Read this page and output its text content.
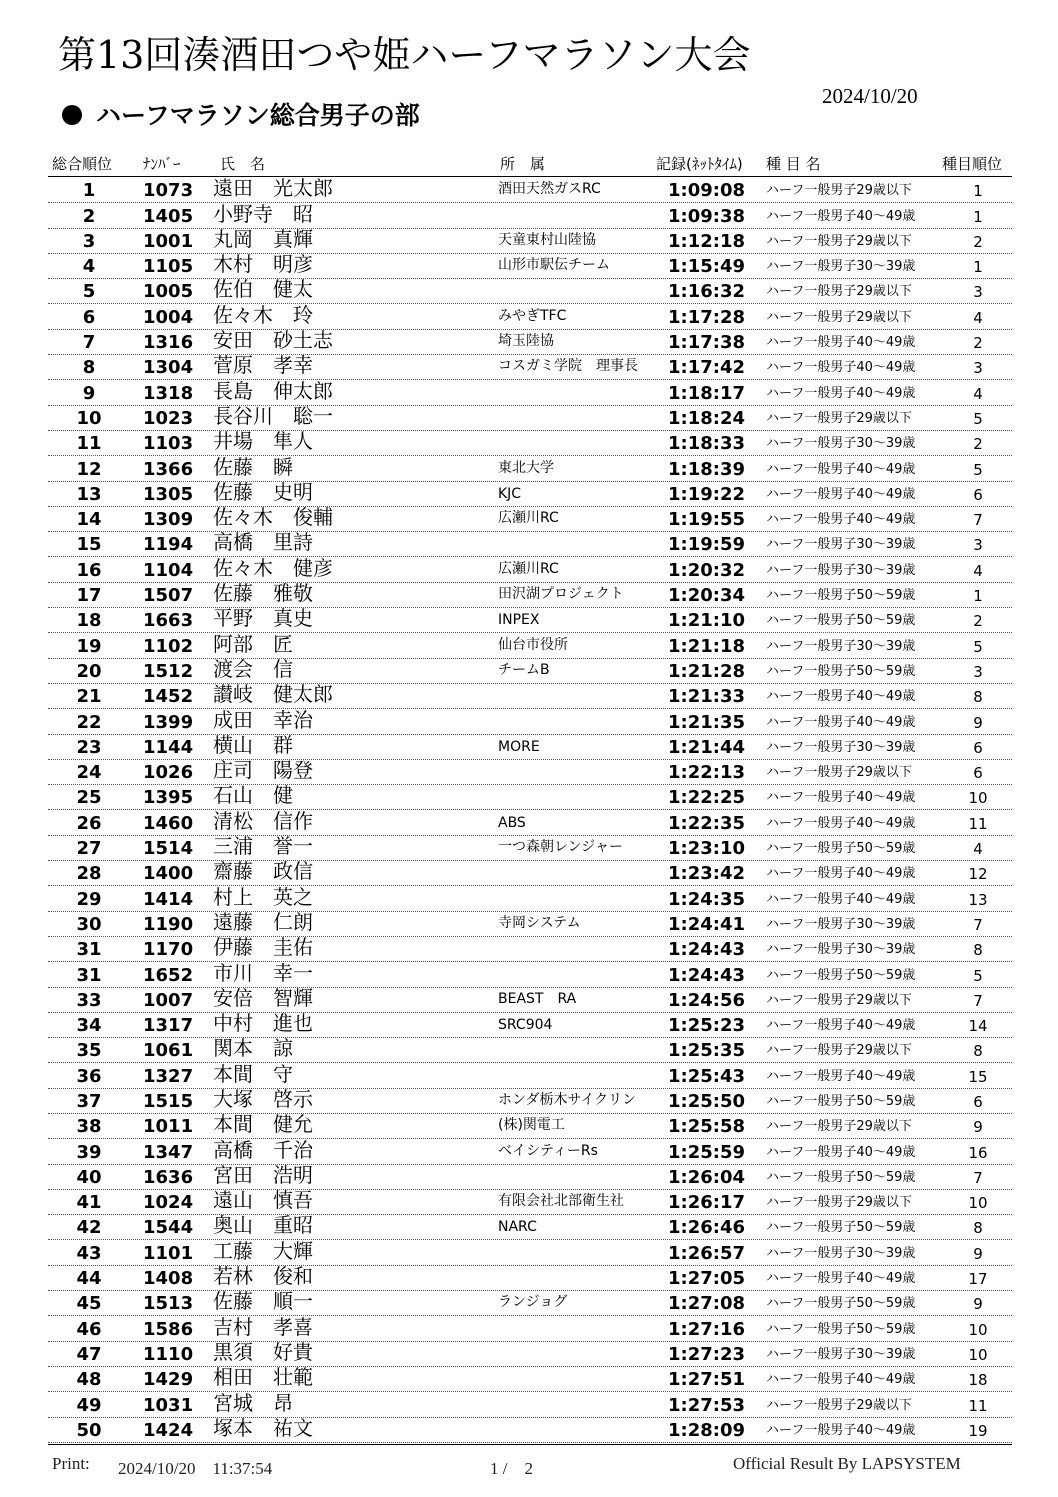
第13回湊酒田つや姫ハーフマラソン大会
2024/10/20
ハーフマラソン総合男子の部
総合順位 ﾅﾝﾊﾞｰ	氏　名	所　属	記録(ﾈｯﾄﾀｲﾑ) 種 目 名	種目順位
1	1073 遠田　光太郎	酒田天然ガスRC	1:09:08 ハーフ一般男子29歳以下	1
2	1405 小野寺　昭	1:09:38 ハーフ一般男子40～49歳	1
3	1001 丸岡　真輝	天童東村山陸協	1:12:18 ハーフ一般男子29歳以下	2
4	1105 木村　明彦	山形市駅伝チーム	1:15:49 ハーフ一般男子30～39歳	1
5	1005 佐伯　健太	1:16:32 ハーフ一般男子29歳以下	3
6	1004 佐々木　玲	みやぎTFC	1:17:28 ハーフ一般男子29歳以下	4
7	1316 安田　砂土志	埼玉陸協	1:17:38 ハーフ一般男子40～49歳	2
8	1304 菅原　孝幸	コスガミ学院　理事長 1:17:42 ハーフ一般男子40～49歳	3
9	1318 長島　伸太郎	1:18:17 ハーフ一般男子40～49歳	4
10	1023 長谷川　聡一	1:18:24 ハーフ一般男子29歳以下	5
11	1103 井場　隼人	1:18:33 ハーフ一般男子30～39歳	2
12	1366 佐藤　瞬	東北大学	1:18:39 ハーフ一般男子40～49歳	5
13	1305 佐藤　史明	KJC	1:19:22 ハーフ一般男子40～49歳	6
14	1309 佐々木　俊輔	広瀬川RC	1:19:55 ハーフ一般男子40～49歳	7
15	1194 高橋　里詩	1:19:59 ハーフ一般男子30～39歳	3
16	1104 佐々木　健彦	広瀬川RC	1:20:32 ハーフ一般男子30～39歳	4
17	1507 佐藤　雅敬	田沢湖プロジェクト 1:20:34 ハーフ一般男子50～59歳	1
18	1663 平野　真史	INPEX	1:21:10 ハーフ一般男子50～59歳	2
19	1102 阿部　匠	仙台市役所	1:21:18 ハーフ一般男子30～39歳	5
20	1512 渡会　信	チームB	1:21:28 ハーフ一般男子50～59歳	3
21	1452 讃岐　健太郎	1:21:33 ハーフ一般男子40～49歳	8
22	1399 成田　幸治	1:21:35 ハーフ一般男子40～49歳	9
23	1144 横山　群	MORE	1:21:44 ハーフ一般男子30～39歳	6
24	1026 庄司　陽登	1:22:13 ハーフ一般男子29歳以下	6
25	1395 石山　健	1:22:25 ハーフ一般男子40～49歳	10
26	1460 清松　信作	ABS	1:22:35 ハーフ一般男子40～49歳	11
27	1514 三浦　誉一	一つ森朝レンジャー 1:23:10 ハーフ一般男子50～59歳	4
28	1400 齋藤　政信	1:23:42 ハーフ一般男子40～49歳	12
29	1414 村上　英之	1:24:35 ハーフ一般男子40～49歳	13
30	1190 遠藤　仁朗	寺岡システム	1:24:41 ハーフ一般男子30～39歳	7
31	1170 伊藤　圭佑	1:24:43 ハーフ一般男子30～39歳	8
31	1652 市川　幸一	1:24:43 ハーフ一般男子50～59歳	5
33	1007 安倍　智輝	BEAST　RA	1:24:56 ハーフ一般男子29歳以下	7
34	1317 中村　進也	SRC904	1:25:23 ハーフ一般男子40～49歳	14
35	1061 関本　諒	1:25:35 ハーフ一般男子29歳以下	8
36	1327 本間　守	1:25:43 ハーフ一般男子40～49歳	15
37	1515 大塚　啓示	ホンダ栃木サイクリン 1:25:50 ハーフ一般男子50～59歳	6
38	1011 本間　健允	(株)関電工	1:25:58 ハーフ一般男子29歳以下	9
39	1347 高橋　千治	ベイシティーRs	1:25:59 ハーフ一般男子40～49歳	16
40	1636 宮田　浩明	1:26:04 ハーフ一般男子50～59歳	7
41	1024 遠山　慎吾	有限会社北部衛生社 1:26:17 ハーフ一般男子29歳以下	10
42	1544 奥山　重昭	NARC	1:26:46 ハーフ一般男子50～59歳	8
43	1101 工藤　大輝	1:26:57 ハーフ一般男子30～39歳	9
44	1408 若林　俊和	1:27:05 ハーフ一般男子40～49歳	17
45	1513 佐藤　順一	ランジョグ	1:27:08 ハーフ一般男子50～59歳	9
46	1586 吉村　孝喜	1:27:16 ハーフ一般男子50～59歳	10
47	1110 黒須　好貴	1:27:23 ハーフ一般男子30～39歳	10
48	1429 相田　壮範	1:27:51 ハーフ一般男子40～49歳	18
49	1031 宮城　昂	1:27:53 ハーフ一般男子29歳以下	11
50	1424 塚本　祐文	1:28:09 ハーフ一般男子40～49歳	19
Print: 2024/10/20　11:37:54	1 /　2	Official Result By LAPSYSTEM
